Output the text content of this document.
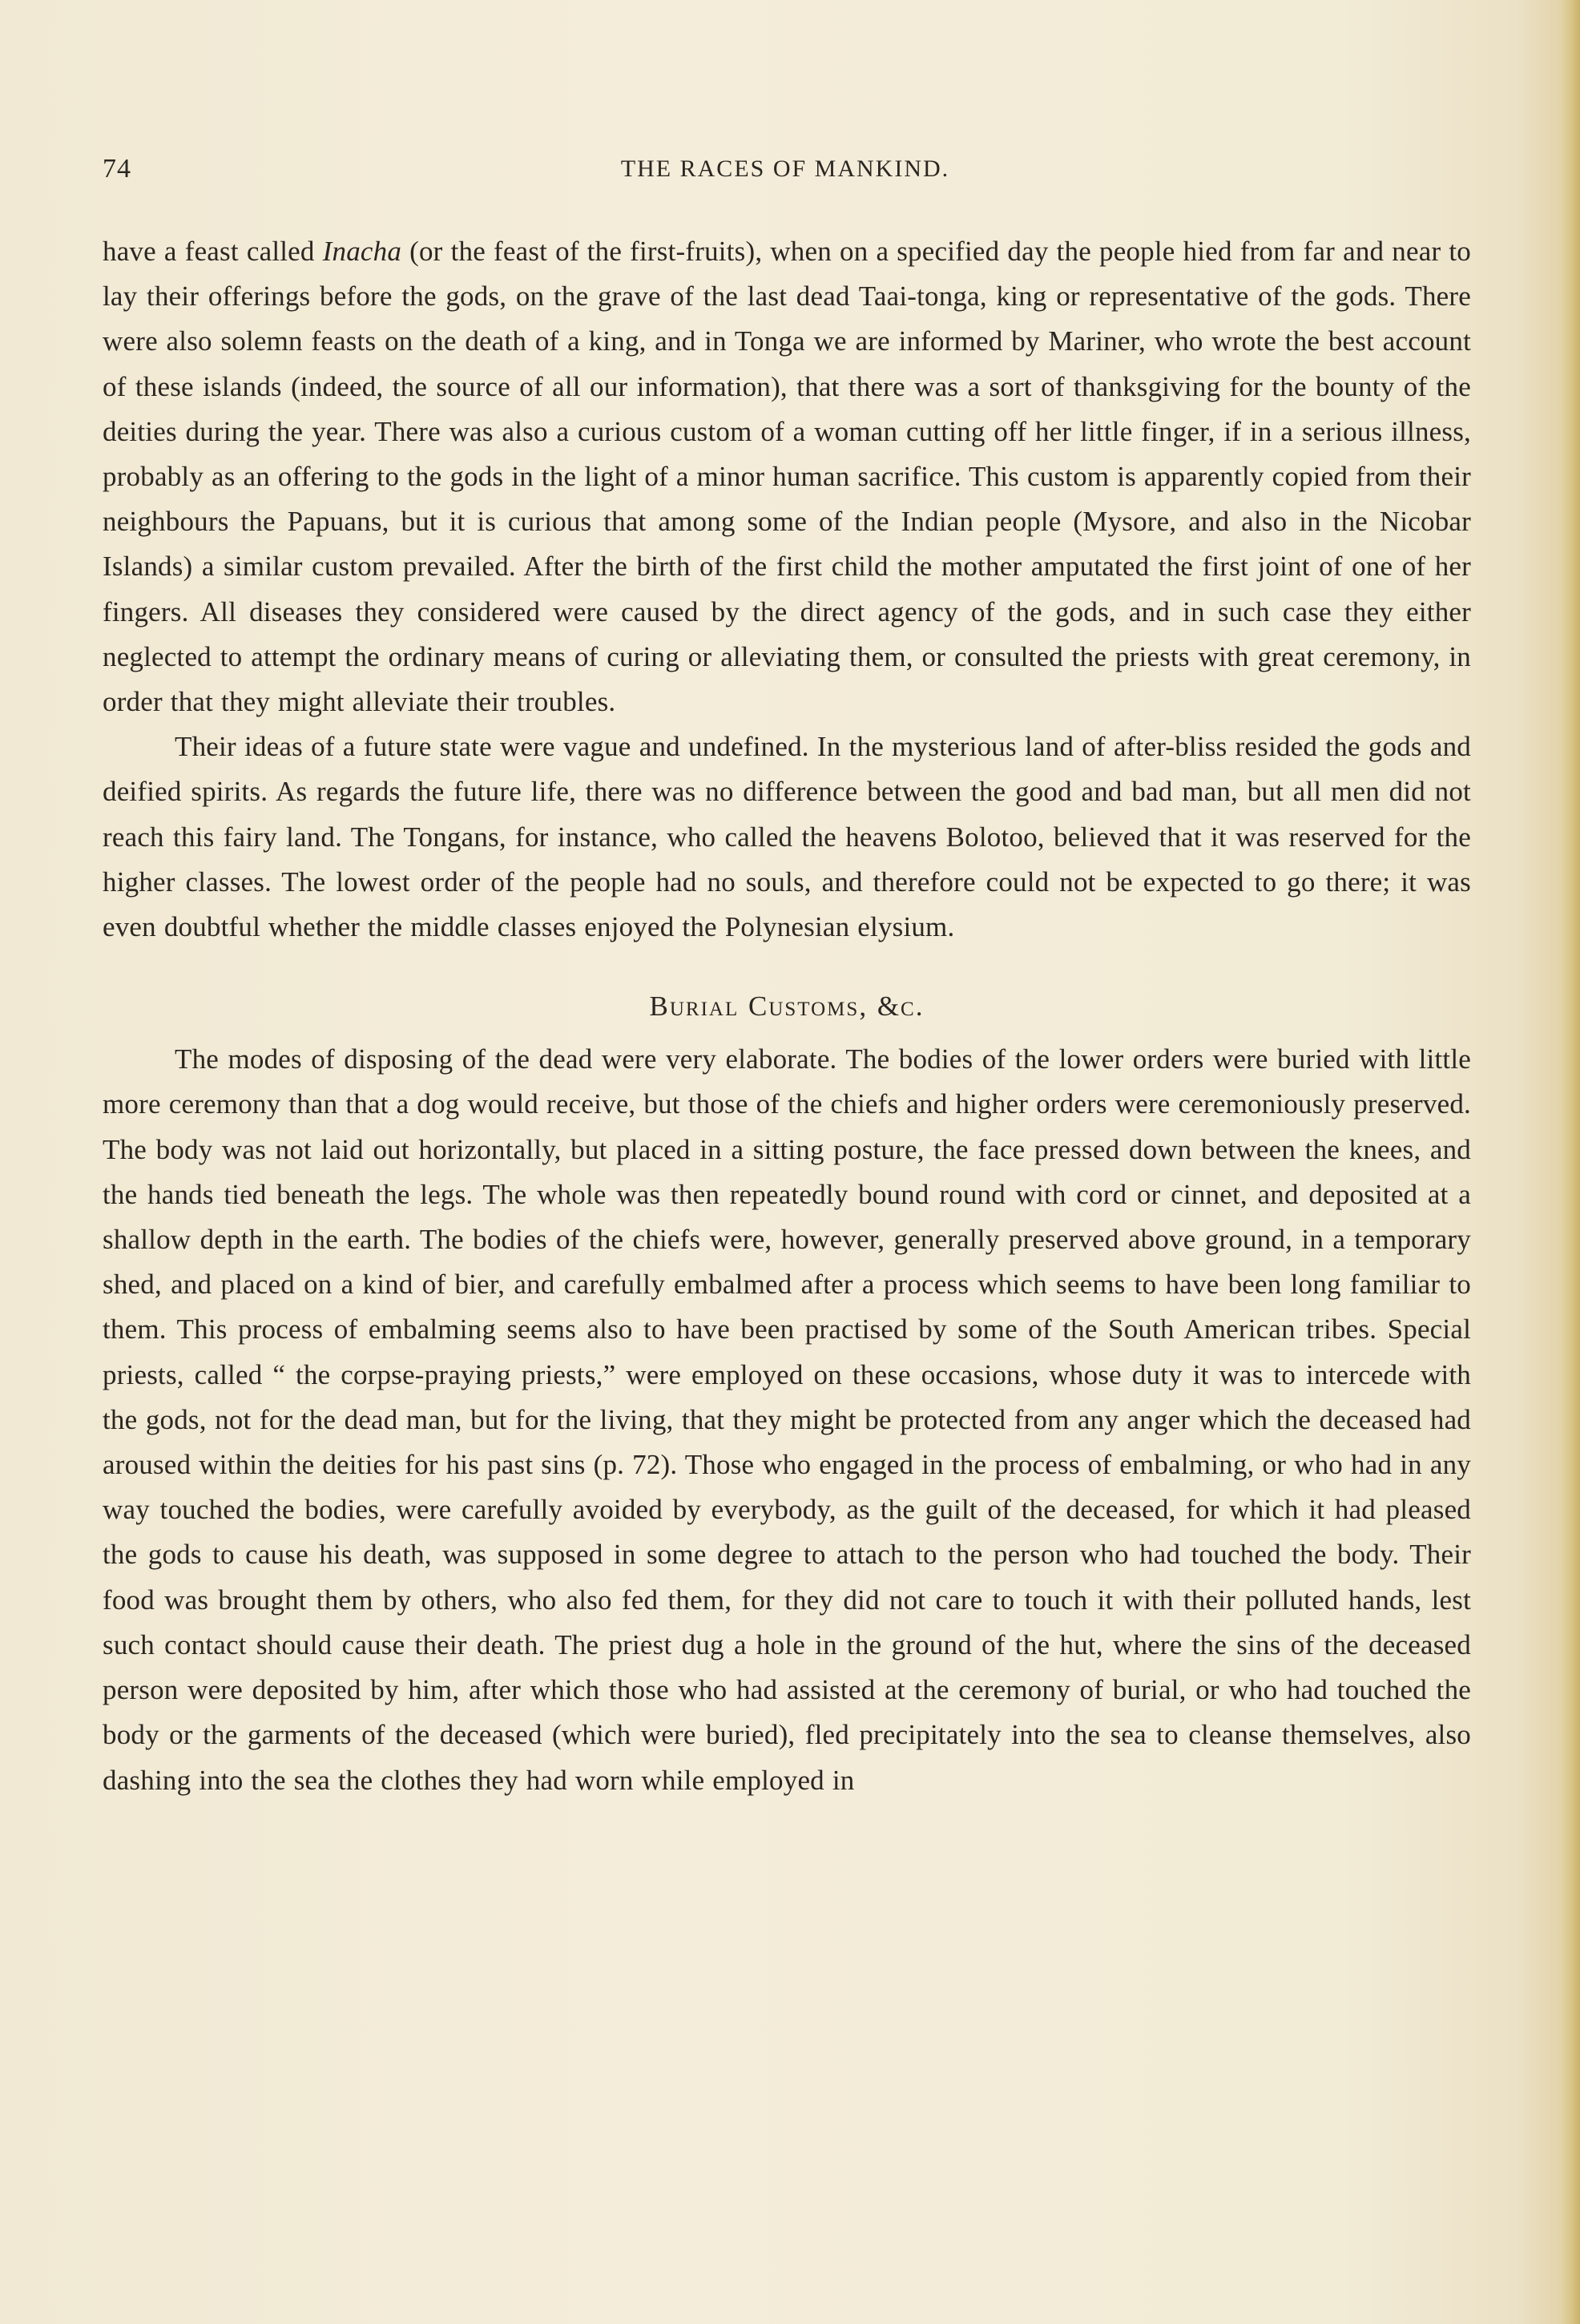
74	THE RACES OF MANKIND.

have a feast called Inacha (or the feast of the first-fruits), when on a specified day the people hied from far and near to lay their offerings before the gods, on the grave of the last dead Taai-tonga, king or representative of the gods. There were also solemn feasts on the death of a king, and in Tonga we are informed by Mariner, who wrote the best account of these islands (indeed, the source of all our information), that there was a sort of thanksgiving for the bounty of the deities during the year. There was also a curious custom of a woman cutting off her little finger, if in a serious illness, probably as an offering to the gods in the light of a minor human sacrifice. This custom is apparently copied from their neighbours the Papuans, but it is curious that among some of the Indian people (Mysore, and also in the Nicobar Islands) a similar custom prevailed. After the birth of the first child the mother amputated the first joint of one of her fingers. All diseases they considered were caused by the direct agency of the gods, and in such case they either neglected to attempt the ordinary means of curing or alleviating them, or consulted the priests with great ceremony, in order that they might alleviate their troubles.

Their ideas of a future state were vague and undefined. In the mysterious land of after-bliss resided the gods and deified spirits. As regards the future life, there was no difference between the good and bad man, but all men did not reach this fairy land. The Tongans, for instance, who called the heavens Bolotoo, believed that it was reserved for the higher classes. The lowest order of the people had no souls, and therefore could not be expected to go there; it was even doubtful whether the middle classes enjoyed the Polynesian elysium.

Burial Customs, &c.

The modes of disposing of the dead were very elaborate. The bodies of the lower orders were buried with little more ceremony than that a dog would receive, but those of the chiefs and higher orders were ceremoniously preserved. The body was not laid out horizontally, but placed in a sitting posture, the face pressed down between the knees, and the hands tied beneath the legs. The whole was then repeatedly bound round with cord or cinnet, and deposited at a shallow depth in the earth. The bodies of the chiefs were, however, generally preserved above ground, in a temporary shed, and placed on a kind of bier, and carefully embalmed after a process which seems to have been long familiar to them. This process of embalming seems also to have been practised by some of the South American tribes. Special priests, called “ the corpse-praying priests,” were employed on these occasions, whose duty it was to intercede with the gods, not for the dead man, but for the living, that they might be protected from any anger which the deceased had aroused within the deities for his past sins (p. 72). Those who engaged in the process of embalming, or who had in any way touched the bodies, were carefully avoided by everybody, as the guilt of the deceased, for which it had pleased the gods to cause his death, was supposed in some degree to attach to the person who had touched the body. Their food was brought them by others, who also fed them, for they did not care to touch it with their polluted hands, lest such contact should cause their death. The priest dug a hole in the ground of the hut, where the sins of the deceased person were deposited by him, after which those who had assisted at the ceremony of burial, or who had touched the body or the garments of the deceased (which were buried), fled precipitately into the sea to cleanse themselves, also dashing into the sea the clothes they had worn while employed in
